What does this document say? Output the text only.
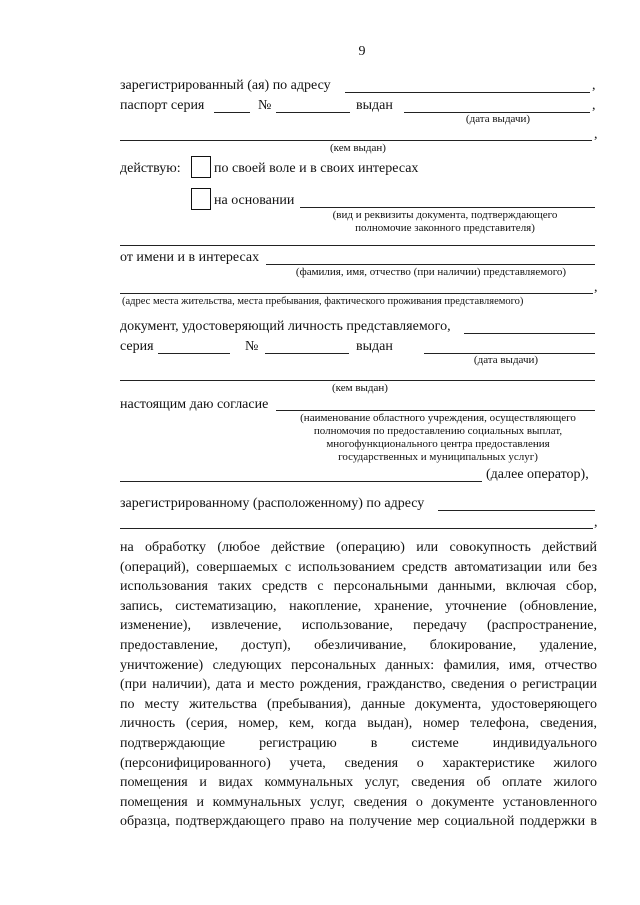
9
зарегистрированный (ая) по адресу	,
паспорт серия	№	выдан	,
(дата выдачи)
,
(кем выдан)
действую: по своей воле и в своих интересах
на основании
(вид и реквизиты документа, подтверждающего
полномочие законного представителя)
от имени и в интересах
(фамилия, имя, отчество (при наличии) представляемого)
,
(адрес места жительства, места пребывания, фактического проживания представляемого)
документ, удостоверяющий личность представляемого,
серия	№	выдан
(дата выдачи)
(кем выдан)
настоящим даю согласие
(наименование областного учреждения, осуществляющего
полномочия по предоставлению социальных выплат,
многофункционального центра предоставления
государственных и муниципальных услуг)
(далее оператор),
зарегистрированному (расположенному) по адресу
,
на обработку (любое действие (операцию) или совокупность действий
(операций), совершаемых с использованием средств автоматизации или без
использования таких средств с персональными данными, включая сбор,
запись, систематизацию, накопление, хранение, уточнение (обновление,
изменение), извлечение, использование, передачу (распространение,
предоставление, доступ), обезличивание, блокирование, удаление,
уничтожение) следующих персональных данных: фамилия, имя, отчество
(при наличии), дата и место рождения, гражданство, сведения о регистрации
по месту жительства (пребывания), данные документа, удостоверяющего
личность (серия, номер, кем, когда выдан), номер телефона, сведения,
подтверждающие регистрацию в системе индивидуального
(персонифицированного) учета, сведения о характеристике жилого
помещения и видах коммунальных услуг, сведения об оплате жилого
помещения и коммунальных услуг, сведения о документе установленного
образца, подтверждающего право на получение мер социальной поддержки в
